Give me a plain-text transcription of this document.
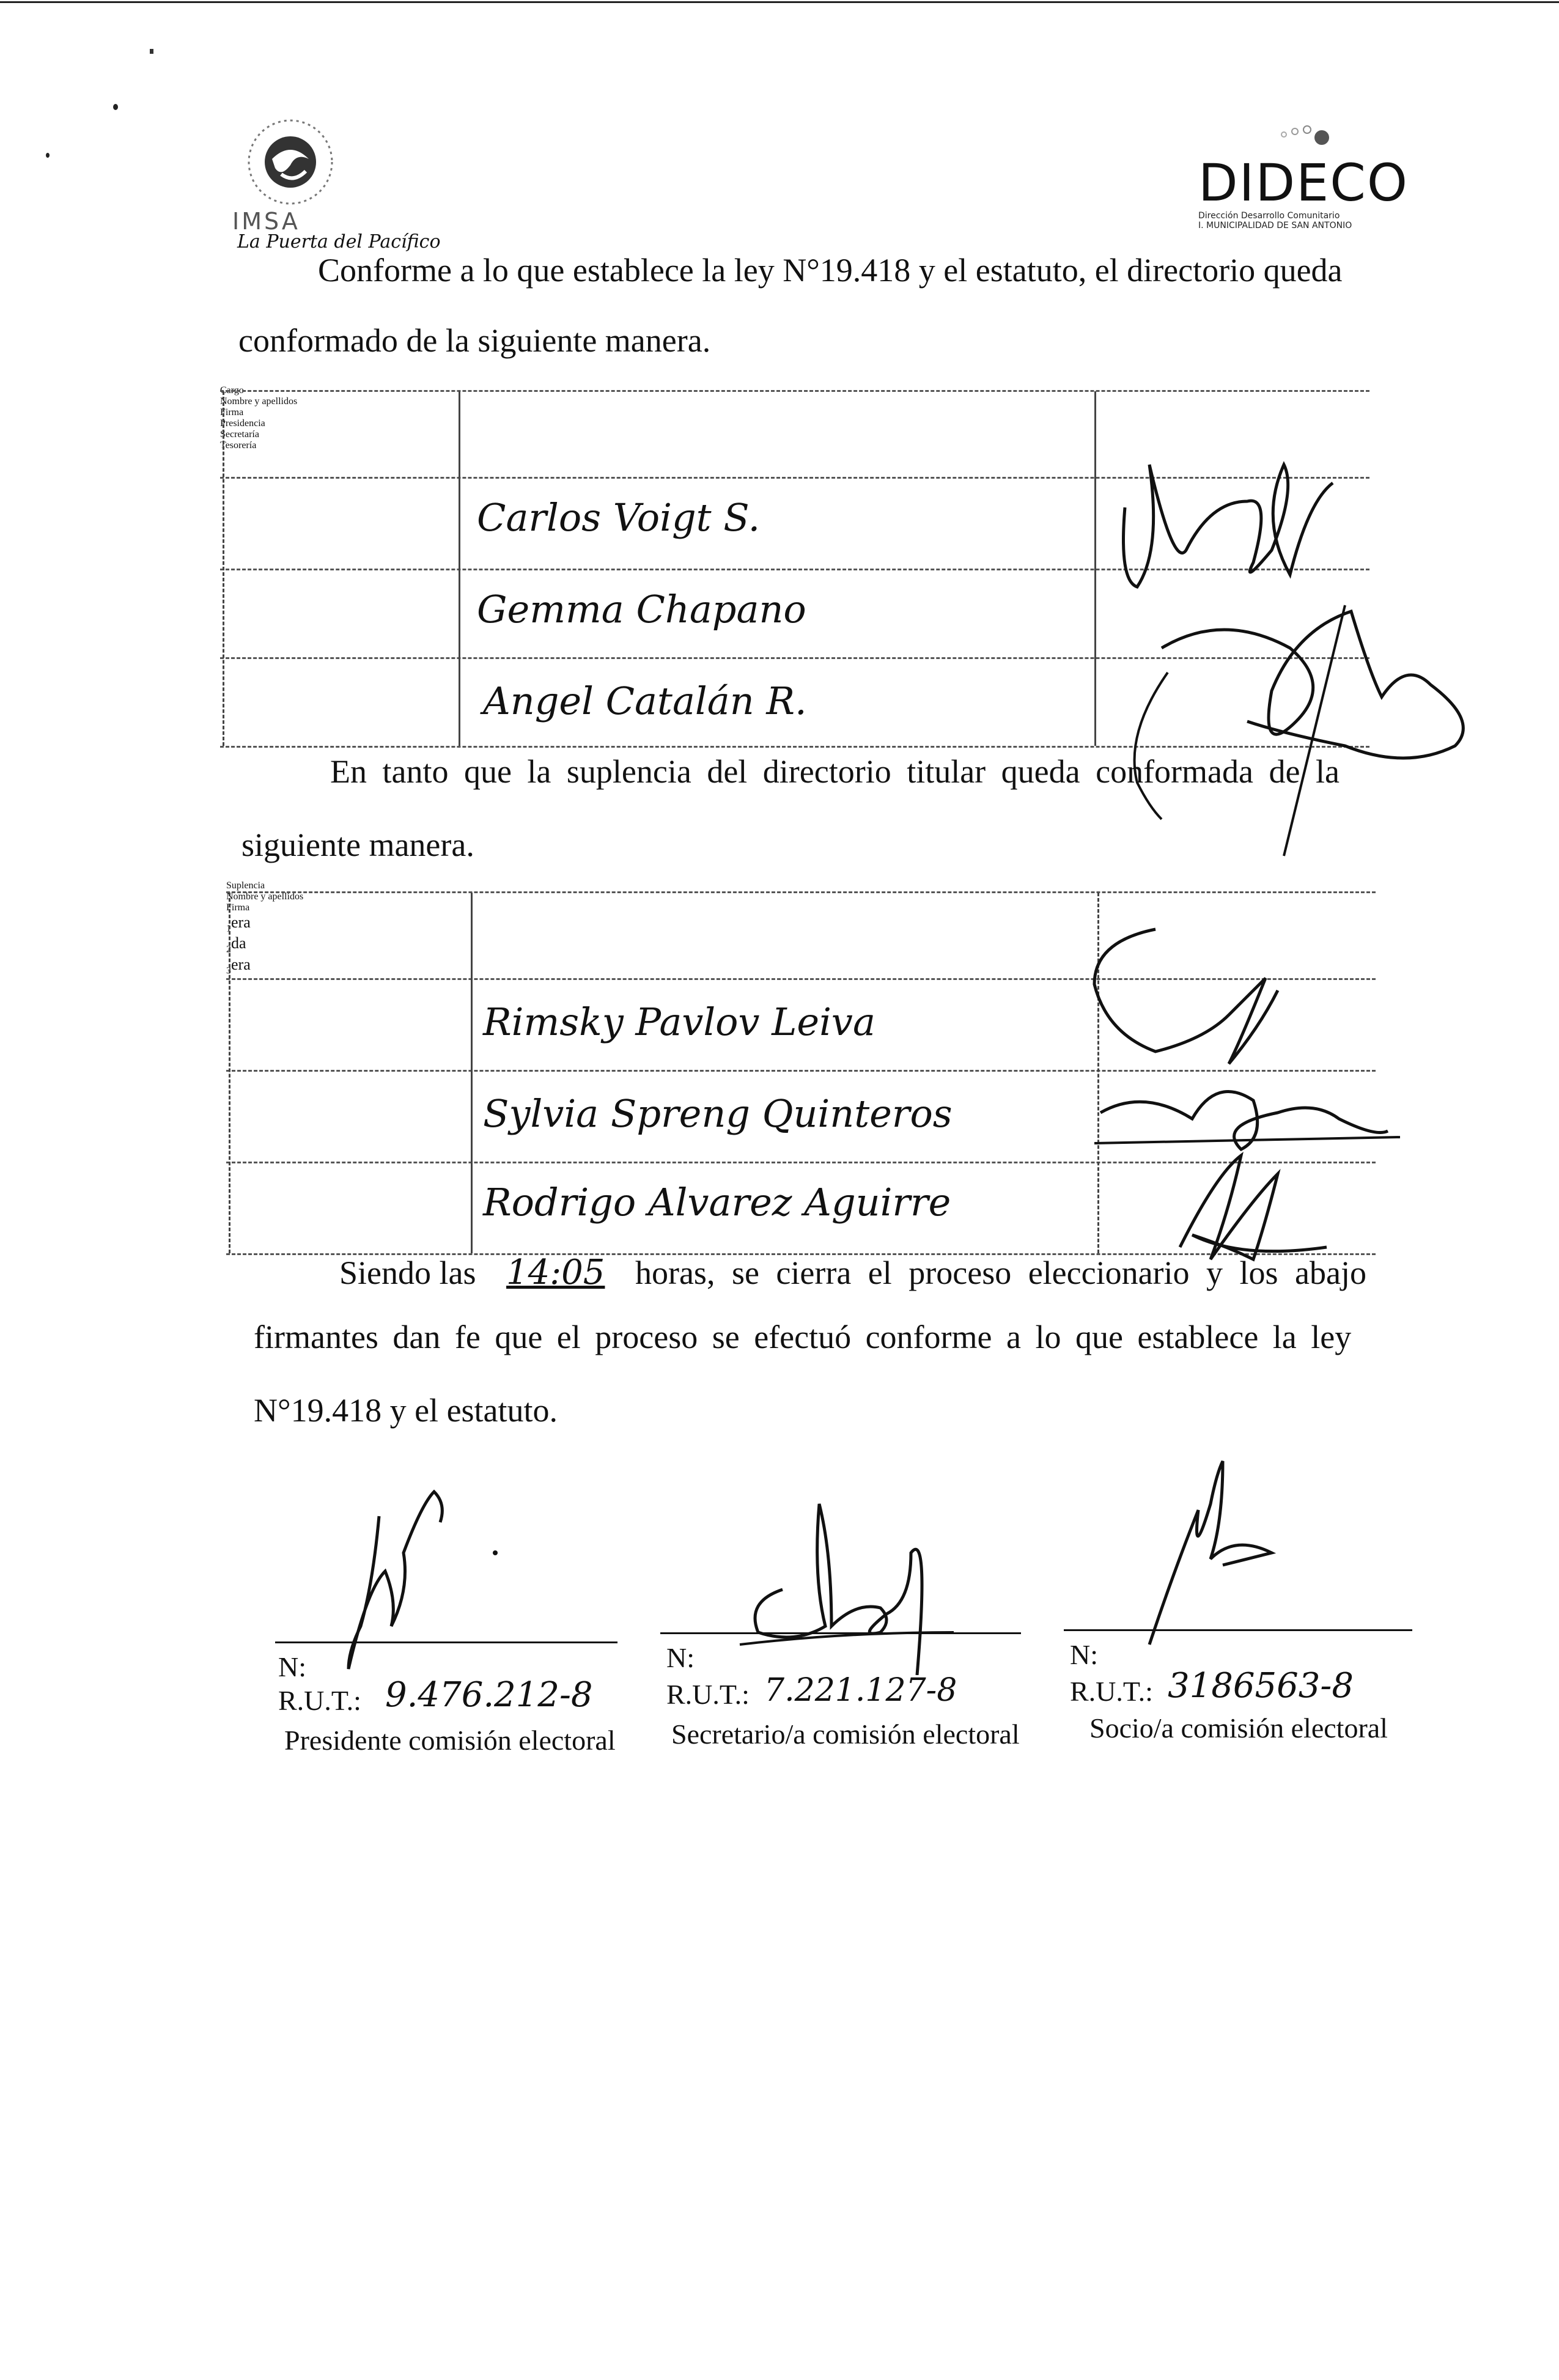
IMSA
La Puerta del Pacífico
DIDECO
Dirección Desarrollo Comunitario
I. MUNICIPALIDAD DE SAN ANTONIO
Conforme a lo que establece la ley N°19.418 y el estatuto, el directorio queda
conformado de la siguiente manera.
Cargo
Nombre y apellidos
Firma
Presidencia
Carlos Voigt S.
Secretaría
Gemma Chapano
Tesorería
Angel Catalán R.
En tanto que la suplencia del directorio titular queda conformada de la
siguiente manera.
Suplencia
Nombre y apellidos
Firma
$1^{era}$
Rimsky Pavlov Leiva
$2^{da}$
Sylvia Spreng Quinteros
$3^{era}$
Rodrigo Alvarez Aguirre
Siendo las 14:05 horas, se cierra el proceso eleccionario y los abajo
firmantes dan fe que el proceso se efectuó conforme a lo que establece la ley
N°19.418 y el estatuto.
N:
R.U.T.: 9.476.212-8
Presidente comisión electoral
N:
R.U.T.: 7.221.127-8
Secretario/a comisión electoral
N:
R.U.T.: 3186563-8
Socio/a comisión electoral
